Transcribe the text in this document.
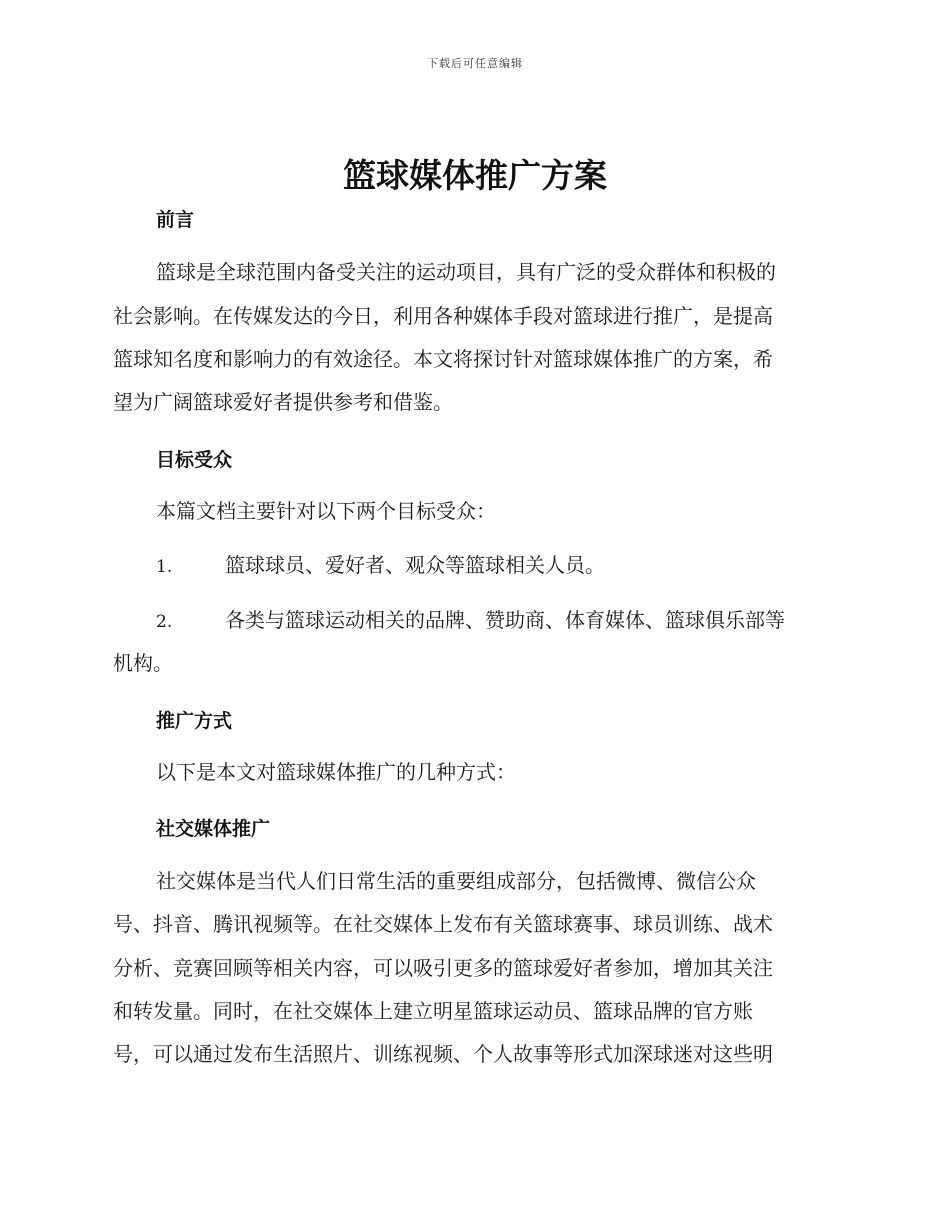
下载后可任意编辑
篮球媒体推广方案
前言

篮球是全球范围内备受关注的运动项目，具有广泛的受众群体和积极的

社会影响。在传媒发达的今日，利用各种媒体手段对篮球进行推广，是提高

篮球知名度和影响力的有效途径。本文将探讨针对篮球媒体推广的方案，希

望为广阔篮球爱好者提供参考和借鉴。

目标受众

本篇文档主要针对以下两个目标受众：

1.	篮球球员、爱好者、观众等篮球相关人员。

2.	各类与篮球运动相关的品牌、赞助商、体育媒体、篮球俱乐部等

机构。

推广方式

以下是本文对篮球媒体推广的几种方式：

社交媒体推广

社交媒体是当代人们日常生活的重要组成部分，包括微博、微信公众

号、抖音、腾讯视频等。在社交媒体上发布有关篮球赛事、球员训练、战术

分析、竞赛回顾等相关内容，可以吸引更多的篮球爱好者参加，增加其关注

和转发量。同时，在社交媒体上建立明星篮球运动员、篮球品牌的官方账

号，可以通过发布生活照片、训练视频、个人故事等形式加深球迷对这些明
